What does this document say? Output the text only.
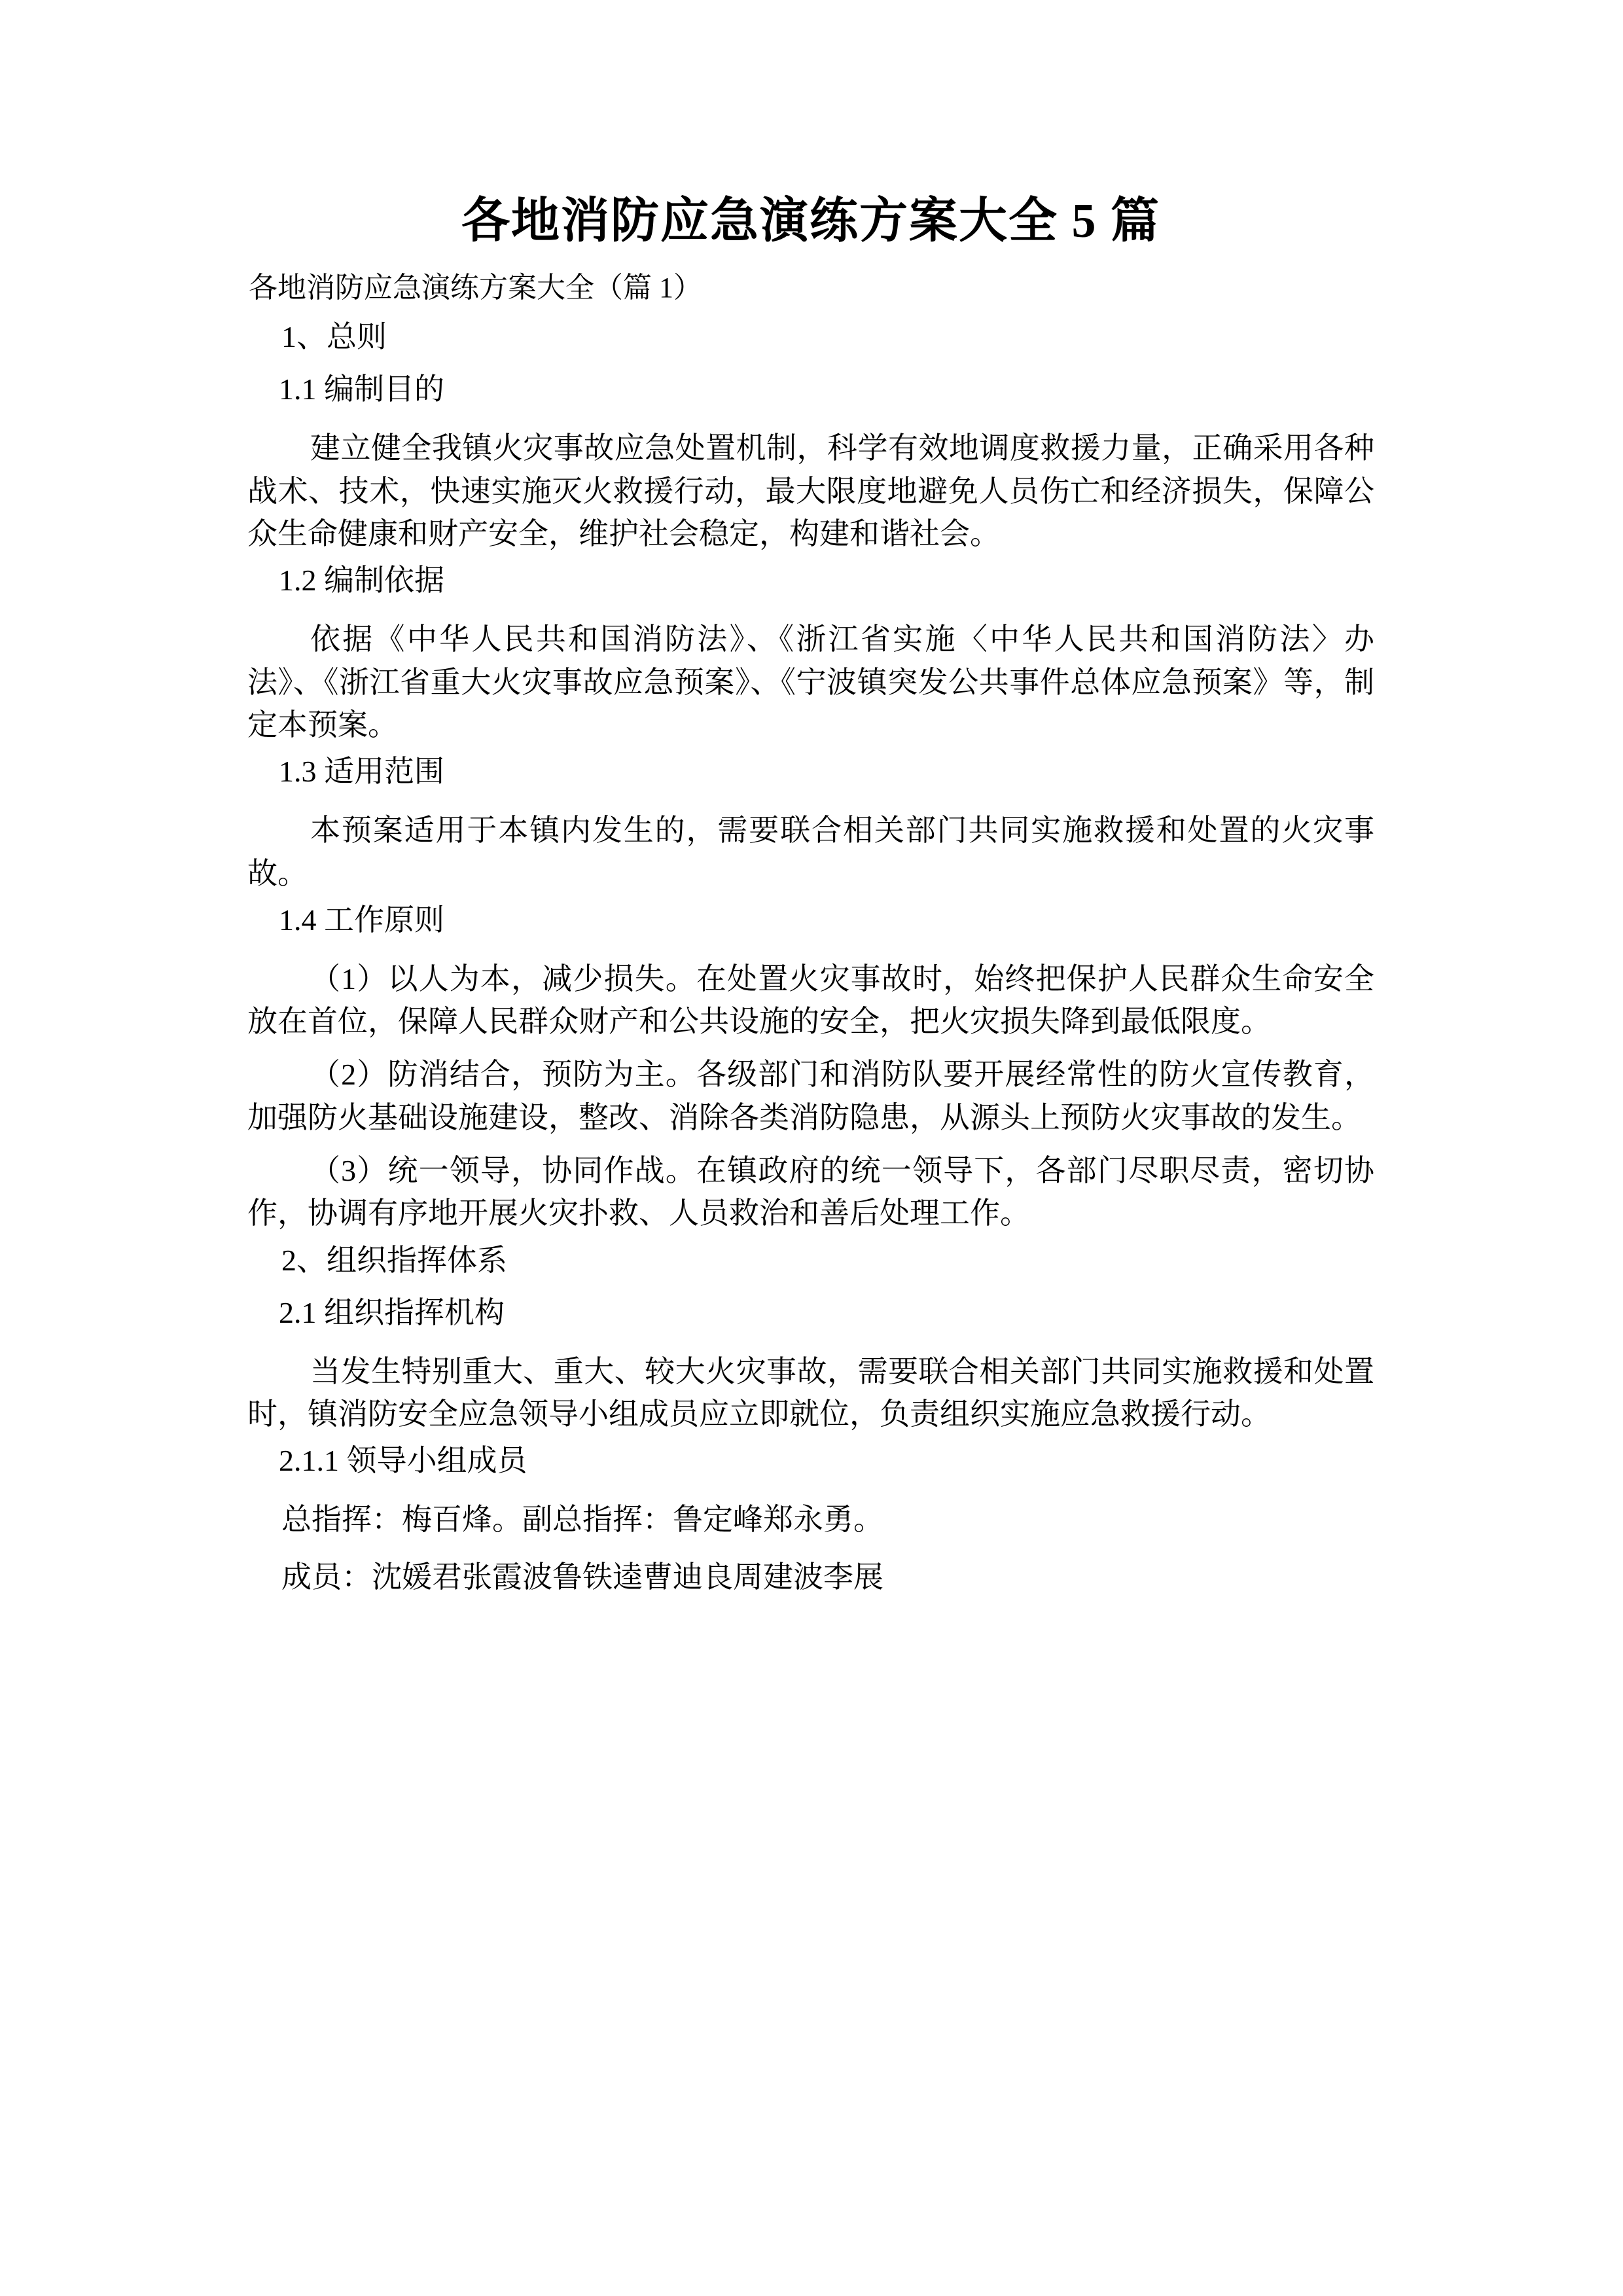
各地消防应急演练方案大全 5 篇

各地消防应急演练方案大全（篇 1）

1、总则

1.1 编制目的

建立健全我镇火灾事故应急处置机制，科学有效地调度救援力量，正确采用各种战术、技术，快速实施灭火救援行动，最大限度地避免人员伤亡和经济损失，保障公众生命健康和财产安全，维护社会稳定，构建和谐社会。

1.2 编制依据

依据《中华人民共和国消防法》、《浙江省实施〈中华人民共和国消防法〉办法》、《浙江省重大火灾事故应急预案》、《宁波镇突发公共事件总体应急预案》等，制定本预案。

1.3 适用范围

本预案适用于本镇内发生的，需要联合相关部门共同实施救援和处置的火灾事故。

1.4 工作原则

（1）以人为本，减少损失。在处置火灾事故时，始终把保护人民群众生命安全放在首位，保障人民群众财产和公共设施的安全，把火灾损失降到最低限度。

（2）防消结合，预防为主。各级部门和消防队要开展经常性的防火宣传教育，加强防火基础设施建设，整改、消除各类消防隐患，从源头上预防火灾事故的发生。

（3）统一领导，协同作战。在镇政府的统一领导下，各部门尽职尽责，密切协作，协调有序地开展火灾扑救、人员救治和善后处理工作。

2、组织指挥体系

2.1 组织指挥机构

当发生特别重大、重大、较大火灾事故，需要联合相关部门共同实施救援和处置时，镇消防安全应急领导小组成员应立即就位，负责组织实施应急救援行动。

2.1.1 领导小组成员

总指挥：梅百烽。副总指挥：鲁定峰郑永勇。

成员：沈媛君张霞波鲁铁逵曹迪良周建波李展
